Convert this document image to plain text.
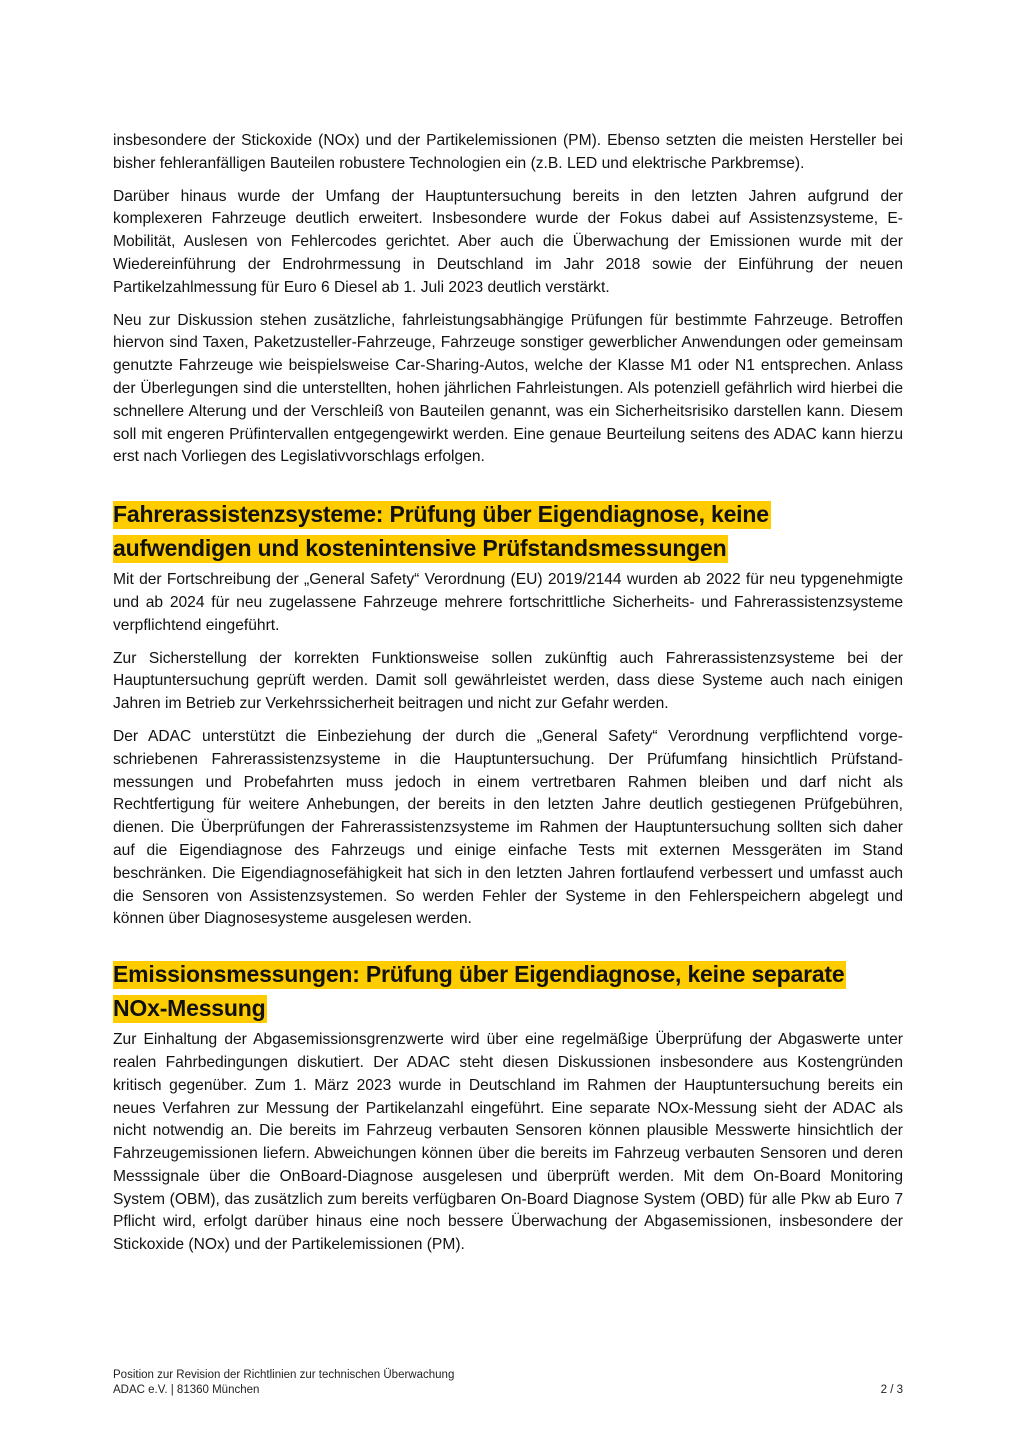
insbesondere der Stickoxide (NOx) und der Partikelemissionen (PM). Ebenso setzten die meisten Hersteller bei bisher fehleranfälligen Bauteilen robustere Technologien ein (z.B. LED und elektrische Parkbremse).

Darüber hinaus wurde der Umfang der Hauptuntersuchung bereits in den letzten Jahren aufgrund der komplexeren Fahrzeuge deutlich erweitert. Insbesondere wurde der Fokus dabei auf Assistenzsysteme, E-Mobilität, Auslesen von Fehlercodes gerichtet. Aber auch die Überwachung der Emissionen wurde mit der Wiedereinführung der Endrohrmessung in Deutschland im Jahr 2018 sowie der Einführung der neuen Partikelzahlmessung für Euro 6 Diesel ab 1. Juli 2023 deutlich verstärkt.

Neu zur Diskussion stehen zusätzliche, fahrleistungsabhängige Prüfungen für bestimmte Fahrzeuge. Betroffen hiervon sind Taxen, Paketzusteller-Fahrzeuge, Fahrzeuge sonstiger gewerblicher Anwendungen oder gemeinsam genutzte Fahrzeuge wie beispielsweise Car-Sharing-Autos, welche der Klasse M1 oder N1 entsprechen. Anlass der Überlegungen sind die unterstellten, hohen jährlichen Fahrleistungen. Als potenziell gefährlich wird hierbei die schnellere Alterung und der Verschleiß von Bauteilen genannt, was ein Sicherheitsrisiko darstellen kann. Diesem soll mit engeren Prüfintervallen entgegengewirkt werden. Eine genaue Beurteilung seitens des ADAC kann hierzu erst nach Vorliegen des Legislativvorschlags erfolgen.

Fahrerassistenzsysteme: Prüfung über Eigendiagnose, keine aufwendigen und kostenintensive Prüfstandsmessungen

Mit der Fortschreibung der „General Safety“ Verordnung (EU) 2019/2144 wurden ab 2022 für neu typgenehmigte und ab 2024 für neu zugelassene Fahrzeuge mehrere fortschrittliche Sicherheits- und Fahrerassistenzsysteme verpflichtend eingeführt.

Zur Sicherstellung der korrekten Funktionsweise sollen zukünftig auch Fahrerassistenzsysteme bei der Hauptuntersuchung geprüft werden. Damit soll gewährleistet werden, dass diese Systeme auch nach einigen Jahren im Betrieb zur Verkehrssicherheit beitragen und nicht zur Gefahr werden.

Der ADAC unterstützt die Einbeziehung der durch die „General Safety“ Verordnung verpflichtend vorgeschriebenen Fahrerassistenzsysteme in die Hauptuntersuchung. Der Prüfumfang hinsichtlich Prüfstandmessungen und Probefahrten muss jedoch in einem vertretbaren Rahmen bleiben und darf nicht als Rechtfertigung für weitere Anhebungen, der bereits in den letzten Jahre deutlich gestiegenen Prüfgebühren, dienen. Die Überprüfungen der Fahrerassistenzsysteme im Rahmen der Hauptuntersuchung sollten sich daher auf die Eigendiagnose des Fahrzeugs und einige einfache Tests mit externen Messgeräten im Stand beschränken. Die Eigendiagnosefähigkeit hat sich in den letzten Jahren fortlaufend verbessert und umfasst auch die Sensoren von Assistenzsystemen. So werden Fehler der Systeme in den Fehlerspeichern abgelegt und können über Diagnosesysteme ausgelesen werden.

Emissionsmessungen: Prüfung über Eigendiagnose, keine separate NOx-Messung

Zur Einhaltung der Abgasemissionsgrenzwerte wird über eine regelmäßige Überprüfung der Abgaswerte unter realen Fahrbedingungen diskutiert. Der ADAC steht diesen Diskussionen insbesondere aus Kostengründen kritisch gegenüber. Zum 1. März 2023 wurde in Deutschland im Rahmen der Hauptuntersuchung bereits ein neues Verfahren zur Messung der Partikelanzahl eingeführt. Eine separate NOx-Messung sieht der ADAC als nicht notwendig an. Die bereits im Fahrzeug verbauten Sensoren können plausible Messwerte hinsichtlich der Fahrzeugemissionen liefern. Abweichungen können über die bereits im Fahrzeug verbauten Sensoren und deren Messsignale über die OnBoard-Diagnose ausgelesen und überprüft werden. Mit dem On-Board Monitoring System (OBM), das zusätzlich zum bereits verfügbaren On-Board Diagnose System (OBD) für alle Pkw ab Euro 7 Pflicht wird, erfolgt darüber hinaus eine noch bessere Überwachung der Abgasemissionen, insbesondere der Stickoxide (NOx) und der Partikelemissionen (PM).

Position zur Revision der Richtlinien zur technischen Überwachung
ADAC e.V. | 81360 München	2 / 3
